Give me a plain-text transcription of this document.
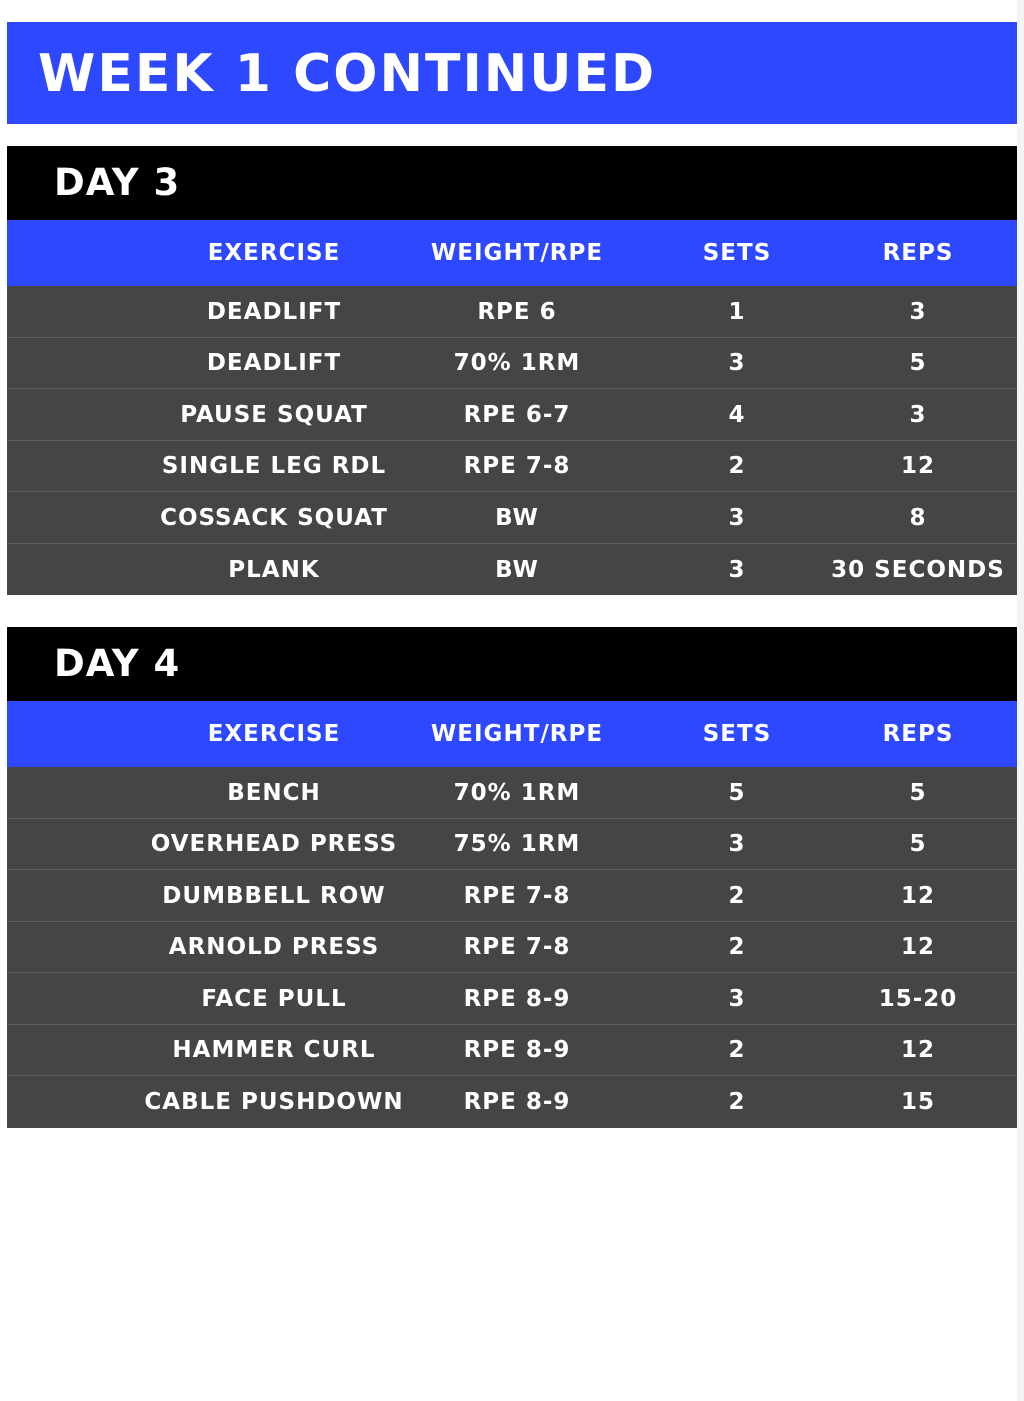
WEEK 1 CONTINUED
DAY 3
EXERCISE	WEIGHT/RPE	SETS	REPS
DEADLIFT	RPE 6	1	3
DEADLIFT	70% 1RM	3	5
PAUSE SQUAT	RPE 6-7	4	3
SINGLE LEG RDL	RPE 7-8	2	12
COSSACK SQUAT	BW	3	8
PLANK	BW	3	30 SECONDS
DAY 4
EXERCISE	WEIGHT/RPE	SETS	REPS
BENCH	70% 1RM	5	5
OVERHEAD PRESS	75% 1RM	3	5
DUMBBELL ROW	RPE 7-8	2	12
ARNOLD PRESS	RPE 7-8	2	12
FACE PULL	RPE 8-9	3	15-20
HAMMER CURL	RPE 8-9	2	12
CABLE PUSHDOWN	RPE 8-9	2	15
